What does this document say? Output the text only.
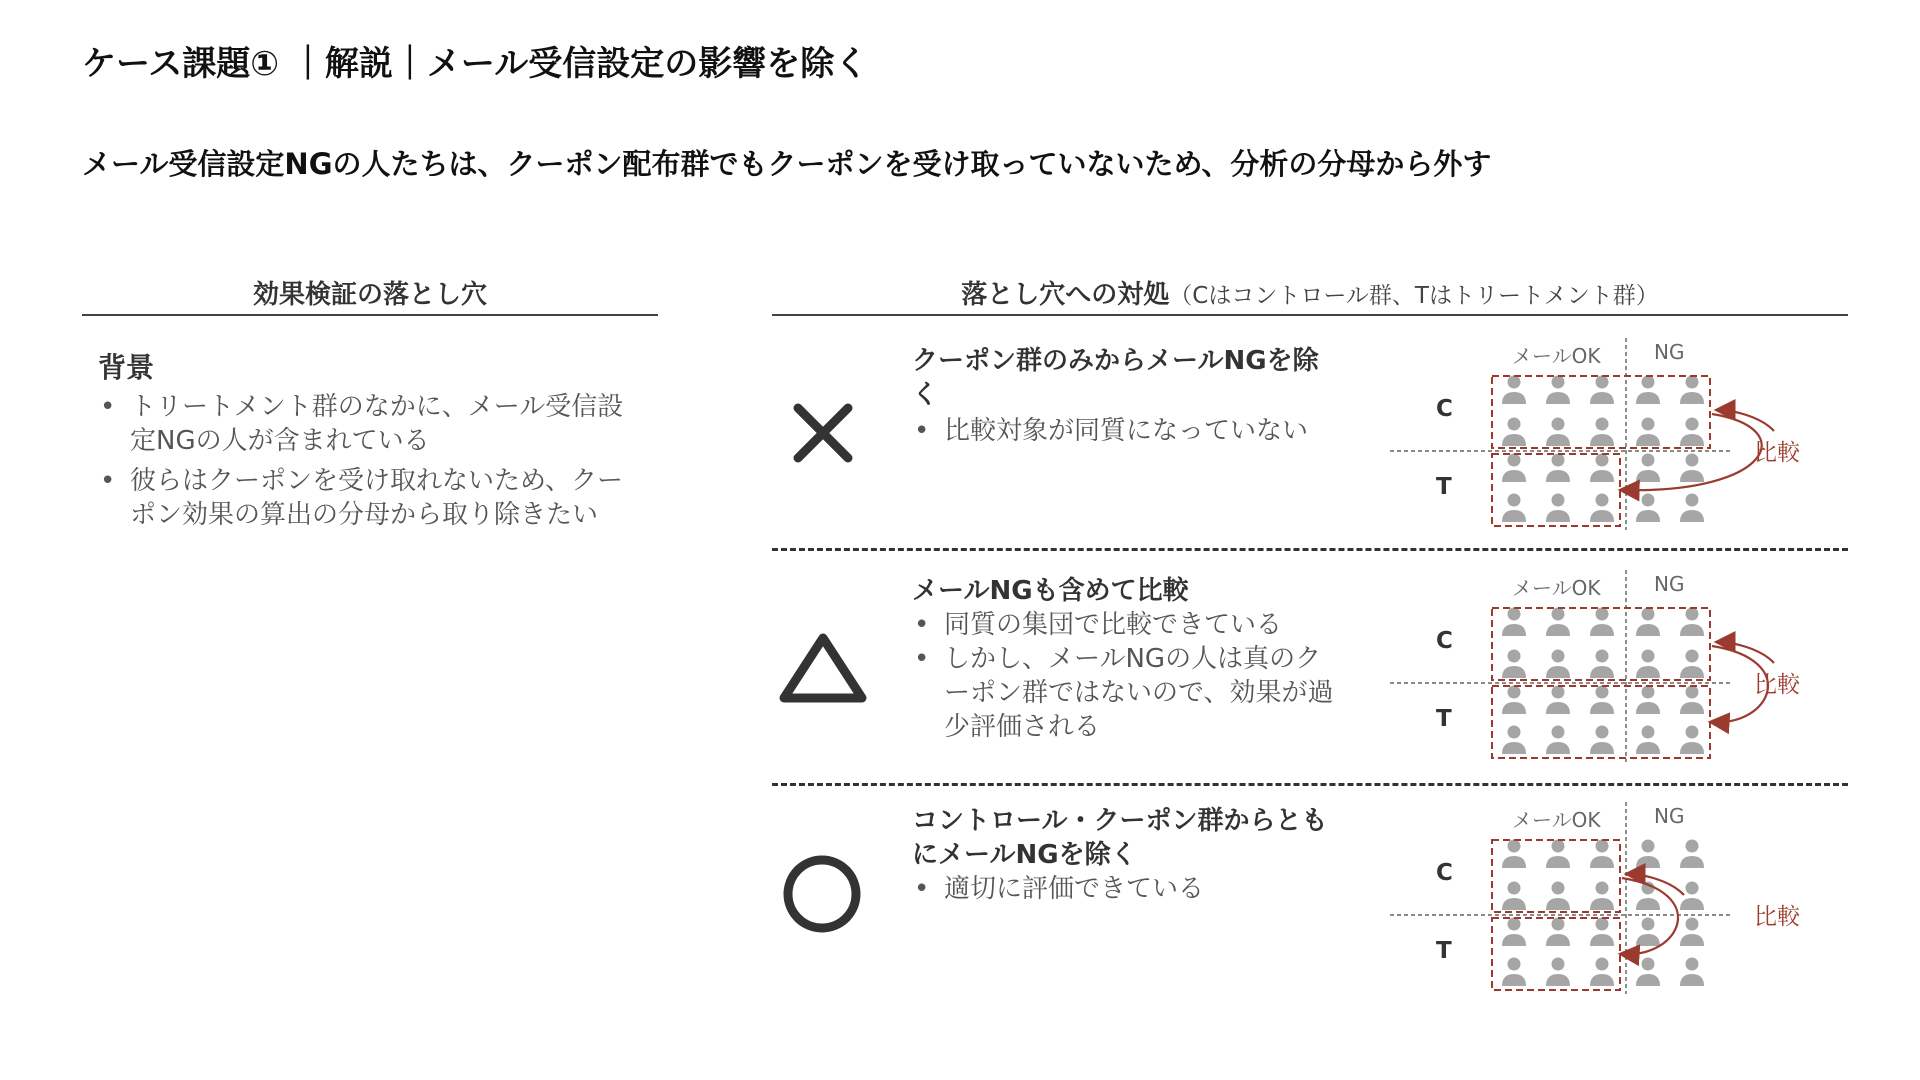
ケース課題① ｜解説｜メール受信設定の影響を除く
メール受信設定NGの人たちは、クーポン配布群でもクーポンを受け取っていないため、分析の分母から外す
効果検証の落とし穴
背景
• トリートメント群のなかに、メール受信設定NGの人が含まれている
• 彼らはクーポンを受け取れないため、クーポン効果の算出の分母から取り除きたい
落とし穴への対処（Cはコントロール群、Tはトリートメント群）
クーポン群のみからメールNGを除く
• 比較対象が同質になっていない
メールNGも含めて比較
• 同質の集団で比較できている
• しかし、メールNGの人は真のクーポン群ではないので、効果が過少評価される
コントロール・クーポン群からともにメールNGを除く
• 適切に評価できている
メールOK	NG
C
T
比較
メールOK	NG
C
T
比較
メールOK	NG
C
T
比較
